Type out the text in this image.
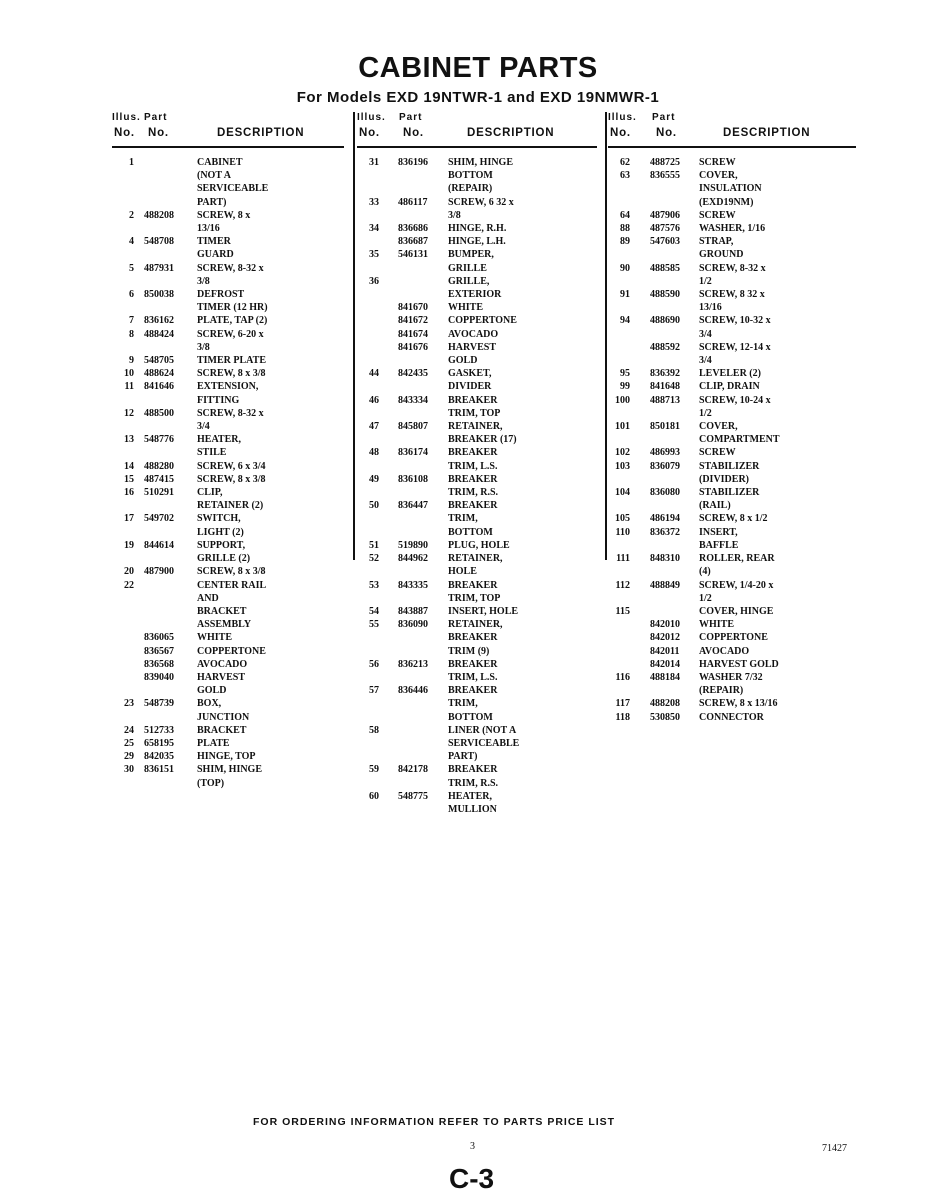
CABINET PARTS
For Models EXD 19NTWR-1 and EXD 19NMWR-1
Illus. Part
No. No.	DESCRIPTION
1	CABINET (NOT A
SERVICEABLE PART)
2 488208 SCREW, 8 x 13/16
4 548708 TIMER GUARD
5 487931 SCREW, 8-32 x 3/8
6 850038 DEFROST TIMER (12 HR)
7 836162 PLATE, TAP (2)
8 488424 SCREW, 6-20 x 3/8
9 548705 TIMER PLATE
10 488624 SCREW, 8 x 3/8
11 841646 EXTENSION, FITTING
12 488500 SCREW, 8-32 x 3/4
13 548776 HEATER, STILE
14 488280 SCREW, 6 x 3/4
15 487415 SCREW, 8 x 3/8
16 510291 CLIP, RETAINER (2)
17 549702 SWITCH, LIGHT (2)
19 844614 SUPPORT, GRILLE (2)
20 487900 SCREW, 8 x 3/8
22	CENTER RAIL AND
BRACKET ASSEMBLY
836065 WHITE
836567 COPPERTONE
836568 AVOCADO
839040 HARVEST GOLD
23 548739 BOX, JUNCTION
24 512733 BRACKET
25 658195 PLATE
29 842035 HINGE, TOP
30 836151 SHIM, HINGE (TOP)
Illus. Part
No. No.	DESCRIPTION
31 836196 SHIM, HINGE
BOTTOM (REPAIR)
33 486117 SCREW, 6 32 x 3/8
34 836686 HINGE, R.H.
836687 HINGE, L.H.
35 546131 BUMPER, GRILLE
36	GRILLE, EXTERIOR
841670 WHITE
841672 COPPERTONE
841674 AVOCADO
841676 HARVEST GOLD
44 842435 GASKET, DIVIDER
46 843334 BREAKER TRIM, TOP
47 845807 RETAINER, BREAKER (17)
48 836174 BREAKER TRIM, L.S.
49 836108 BREAKER TRIM, R.S.
50 836447 BREAKER TRIM,
BOTTOM
51 519890 PLUG, HOLE
52 844962 RETAINER, HOLE
53 843335 BREAKER TRIM, TOP
54 843887 INSERT, HOLE
55 836090 RETAINER, BREAKER
TRIM (9)
56 836213 BREAKER TRIM, L.S.
57 836446 BREAKER TRIM,
BOTTOM
58	LINER (NOT A
SERVICEABLE PART)
59 842178 BREAKER TRIM, R.S.
60 548775 HEATER, MULLION
Illus. Part
No. No.	DESCRIPTION
62 488725 SCREW
63 836555 COVER, INSULATION
(EXD19NM)
64 487906 SCREW
88 487576 WASHER, 1/16
89 547603 STRAP, GROUND
90 488585 SCREW, 8-32 x 1/2
91 488590 SCREW, 8 32 x 13/16
94 488690 SCREW, 10-32 x 3/4
488592 SCREW, 12-14 x 3/4
95 836392 LEVELER (2)
99 841648 CLIP, DRAIN
100 488713 SCREW, 10-24 x 1/2
101 850181 COVER, COMPARTMENT
102 486993 SCREW
103 836079 STABILIZER (DIVIDER)
104 836080 STABILIZER (RAIL)
105 486194 SCREW, 8 x 1/2
110 836372 INSERT, BAFFLE
111 848310 ROLLER, REAR (4)
112 488849 SCREW, 1/4-20 x 1/2
115	COVER, HINGE
842010 WHITE
842012 COPPERTONE
842011 AVOCADO
842014 HARVEST GOLD
116 488184 WASHER 7/32
(REPAIR)
117 488208 SCREW, 8 x 13/16
118 530850 CONNECTOR
FOR ORDERING INFORMATION REFER TO PARTS PRICE LIST
3	71427
C-3
